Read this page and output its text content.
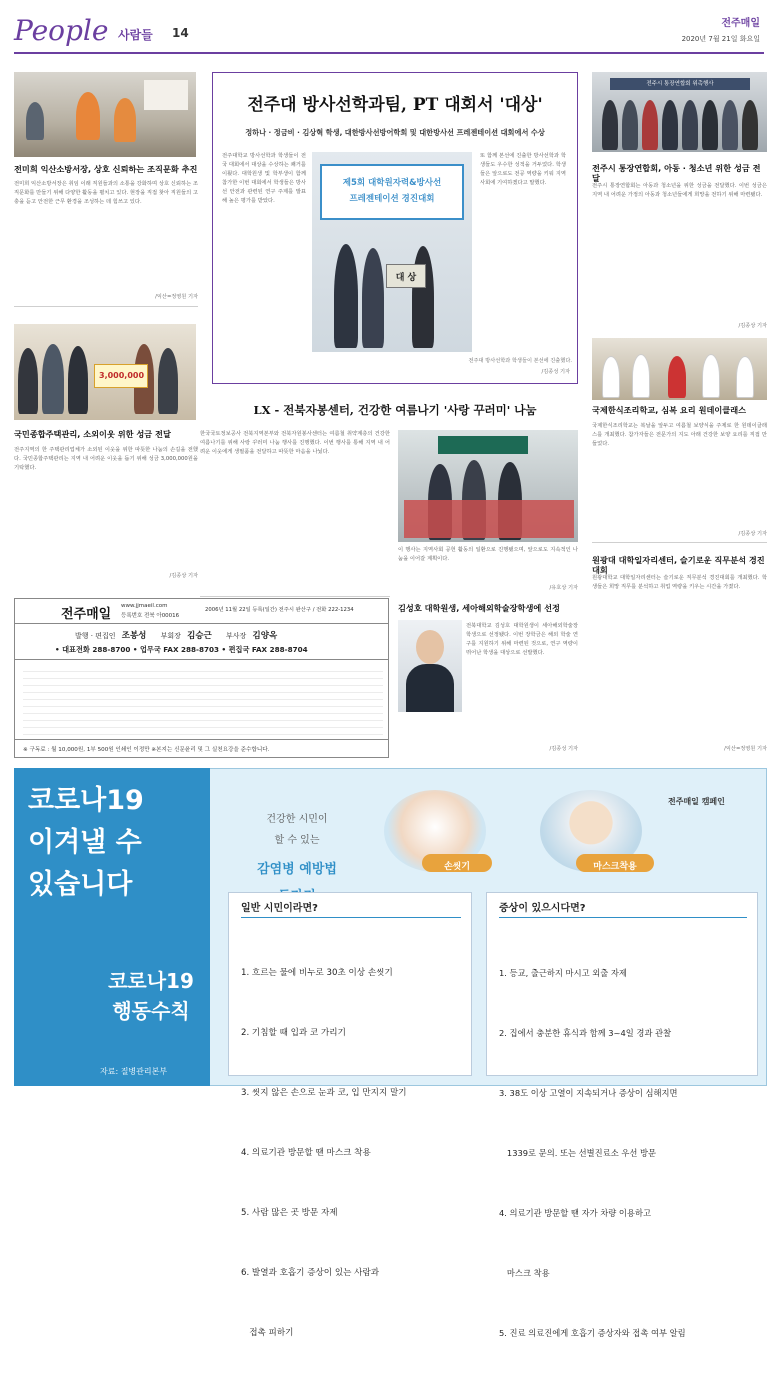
People 사람들 14
전주매일
2020년 7월 21일 화요일
전미희 익산소방서장, 상호 신뢰하는 조직문화 추진
전미희 익산소방서장은 취임 이래 직원들과의 소통을 강화하며 상호 신뢰하는 조직문화를 만들기 위해 다양한 활동을 펼치고 있다. 현장을 직접 찾아 직원들의 고충을 듣고 안전한 근무 환경을 조성하는 데 힘쓰고 있다.
/익산=정영원 기자
3,000,000
국민종합주택관리, 소외이웃 위한 성금 전달
전주지역의 한 주택관리업체가 소외된 이웃을 위한 따뜻한 나눔의 손길을 전했다. 국민종합주택관리는 지역 내 어려운 이웃을 돕기 위해 성금 3,000,000원을 기탁했다.
/김종상 기자
전주대 방사선학과팀, PT 대회서 '대상'
정하나 · 정금비 · 김상혁 학생, 대한방사선방어학회 및 대한방사선 프레젠테이션 대회에서 수상
전주대학교 방사선학과 학생들이 전국 대회에서 대상을 수상하는 쾌거를 이뤘다. 대학원생 및 학부생이 함께 참가한 이번 대회에서 학생들은 방사선 안전과 관련된 연구 주제를 발표해 높은 평가를 받았다.
제5회 대학원자력&방사선
프레젠테이션 경진대회
대 상
또 함께 본선에 진출한 방사선학과 학생들도 우수한 성적을 거두었다. 학생들은 앞으로도 전공 역량을 키워 지역사회에 기여하겠다고 말했다.
전주대 방사선학과 학생들이 본선에 진출했다.
/김종성 기자
LX - 전북자봉센터, 건강한 여름나기 '사랑 꾸러미' 나눔
한국국토정보공사 전북지역본부와 전북자원봉사센터는 여름철 취약계층의 건강한 여름나기를 위해 사랑 꾸러미 나눔 행사를 진행했다. 이번 행사를 통해 지역 내 어려운 이웃에게 생필품을 전달하고 따뜻한 마음을 나눴다.
이 행사는 지역사회 공헌 활동의 일환으로 진행됐으며, 앞으로도 지속적인 나눔을 이어갈 계획이다.
/유호상 기자
전주매일
www.jjmaeil.com
등록번호 전북 아00016
2006년 11월 22일 등록(일간) 전주시 완산구 / 전화 222-1234
발행 · 편집인 조봉성 부회장 김승근 부사장 김양옥
• 대표전화 288-8700 • 업무국 FAX 288-8703 • 편집국 FAX 288-8704
※ 구독료 : 월 10,000원, 1부 500원 인쇄인 이정만 ※본지는 신문윤리 및 그 실천요강을 준수합니다.
김성호 대학원생, 세아해외학술장학생에 선정
전북대학교 김성호 대학원생이 세아해외학술장학생으로 선정됐다. 이번 장학금은 해외 학술 연구를 지원하기 위해 마련된 것으로, 연구 역량이 뛰어난 학생을 대상으로 선발했다.
/김종성 기자
전주시 통장연합회 위촉행사
전주시 통장연합회, 아동 · 청소년 위한 성금 전달
전주시 통장연합회는 아동과 청소년을 위한 성금을 전달했다. 이번 성금은 지역 내 어려운 가정의 아동과 청소년들에게 희망을 전하기 위해 마련됐다.
/김종상 기자
국제한식조리학교, 심복 요리 원데이클래스
국제한식조리학교는 복날을 앞두고 여름철 보양식을 주제로 한 원데이클래스를 개최했다. 참가자들은 전문가의 지도 아래 건강한 보양 요리를 직접 만들었다.
/김종상 기자
원광대 대학일자리센터, 슬기로운 직무분석 경진대회
원광대학교 대학일자리센터는 슬기로운 직무분석 경진대회를 개최했다. 학생들은 희망 직무를 분석하고 취업 역량을 키우는 시간을 가졌다.
/익산=정영원 기자
코로나19
이겨낼 수
있습니다
코로나19
행동수칙
자료: 질병관리본부
전주매일 캠페인
건강한 시민이
할 수 있는
감염병 예방법	손씻기	마스크착용
일반 시민이라면?

1. 흐르는 물에 비누로 30초 이상 손씻기

2. 기침할 때 입과 코 가리기

3. 씻지 않은 손으로 눈과 코, 입 만지지 말기

4. 의료기관 방문할 땐 마스크 착용

5. 사람 많은 곳 방문 자제

6. 발열과 호흡기 증상이 있는 사람과

접촉 피하기

증상이 있으시다면?

1. 등교, 출근하지 마시고 외출 자제

2. 집에서 충분한 휴식과 함께 3~4일 경과 관찰

3. 38도 이상 고열이 지속되거나 증상이 심해지면

1339로 문의. 또는 선별진료소 우선 방문

4. 의료기관 방문할 땐 자가 차량 이용하고

마스크 착용

5. 진료 의료진에게 호흡기 증상자와 접촉 여부 알림
